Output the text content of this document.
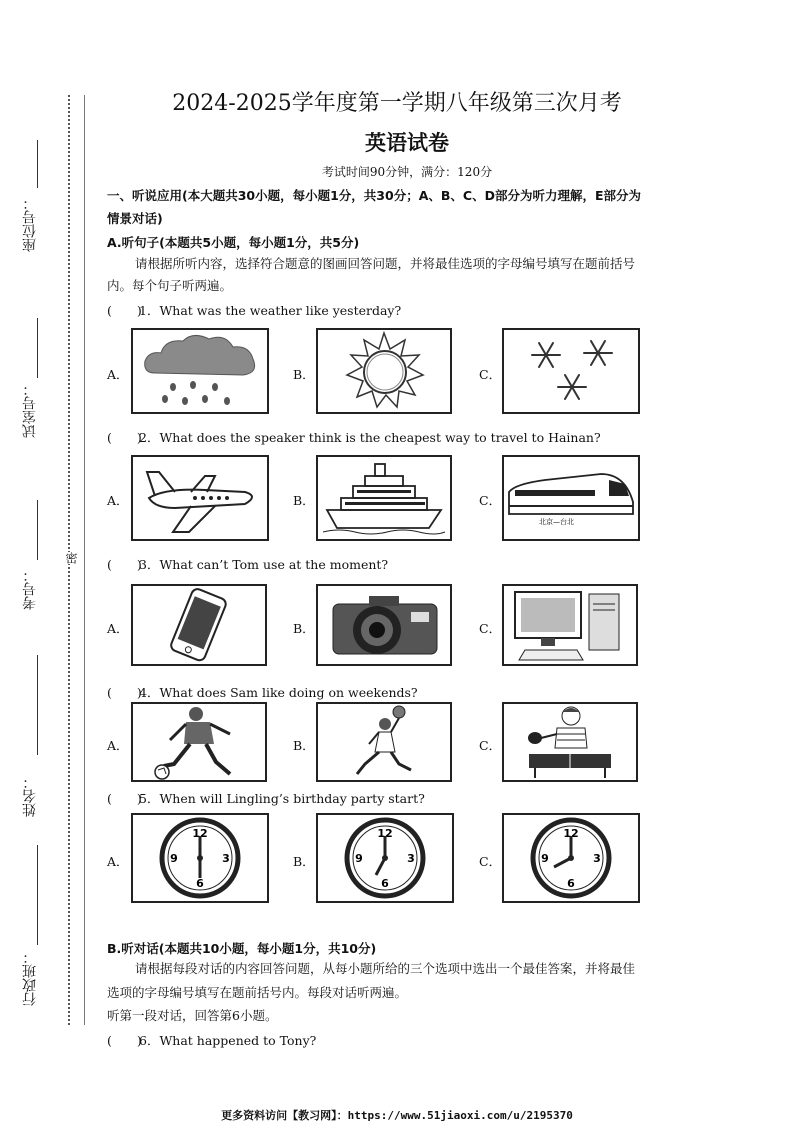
座位号：
试室号：
考号：
姓名：
行政班：
密
2024-2025学年度第一学期八年级第三次月考
英语试卷
考试时间90分钟，满分：120分
一、听说应用(本大题共30小题，每小题1分，共30分；A、B、C、D部分为听力理解，E部分为
情景对话)
A.听句子(本题共5小题，每小题1分，共5分)
请根据所听内容，选择符合题意的图画回答问题，并将最佳选项的字母编号填写在题前括号
内。每个句子听两遍。
(　　)1．What was the weather like yesterday?
A．	B．	C．
(　　)2．What does the speaker think is the cheapest way to travel to Hainan?
A．	B．	C．
北京—台北
(　　)3．What can’t Tom use at the moment?
A．	B．	C．
(　　)4．What does Sam like doing on weekends?
A．	B．	C．
(　　)5．When will Lingling’s birthday party start?
A．
12
3
6
9	B．
12
3
6
9	C．
12
3
6
9
B.听对话(本题共10小题，每小题1分，共10分)
请根据每段对话的内容回答问题，从每小题所给的三个选项中选出一个最佳答案，并将最佳
选项的字母编号填写在题前括号内。每段对话听两遍。
听第一段对话，回答第6小题。
(　　)6．What happened to Tony?
更多资料访问【教习网】：https://www.51jiaoxi.com/u/2195370
